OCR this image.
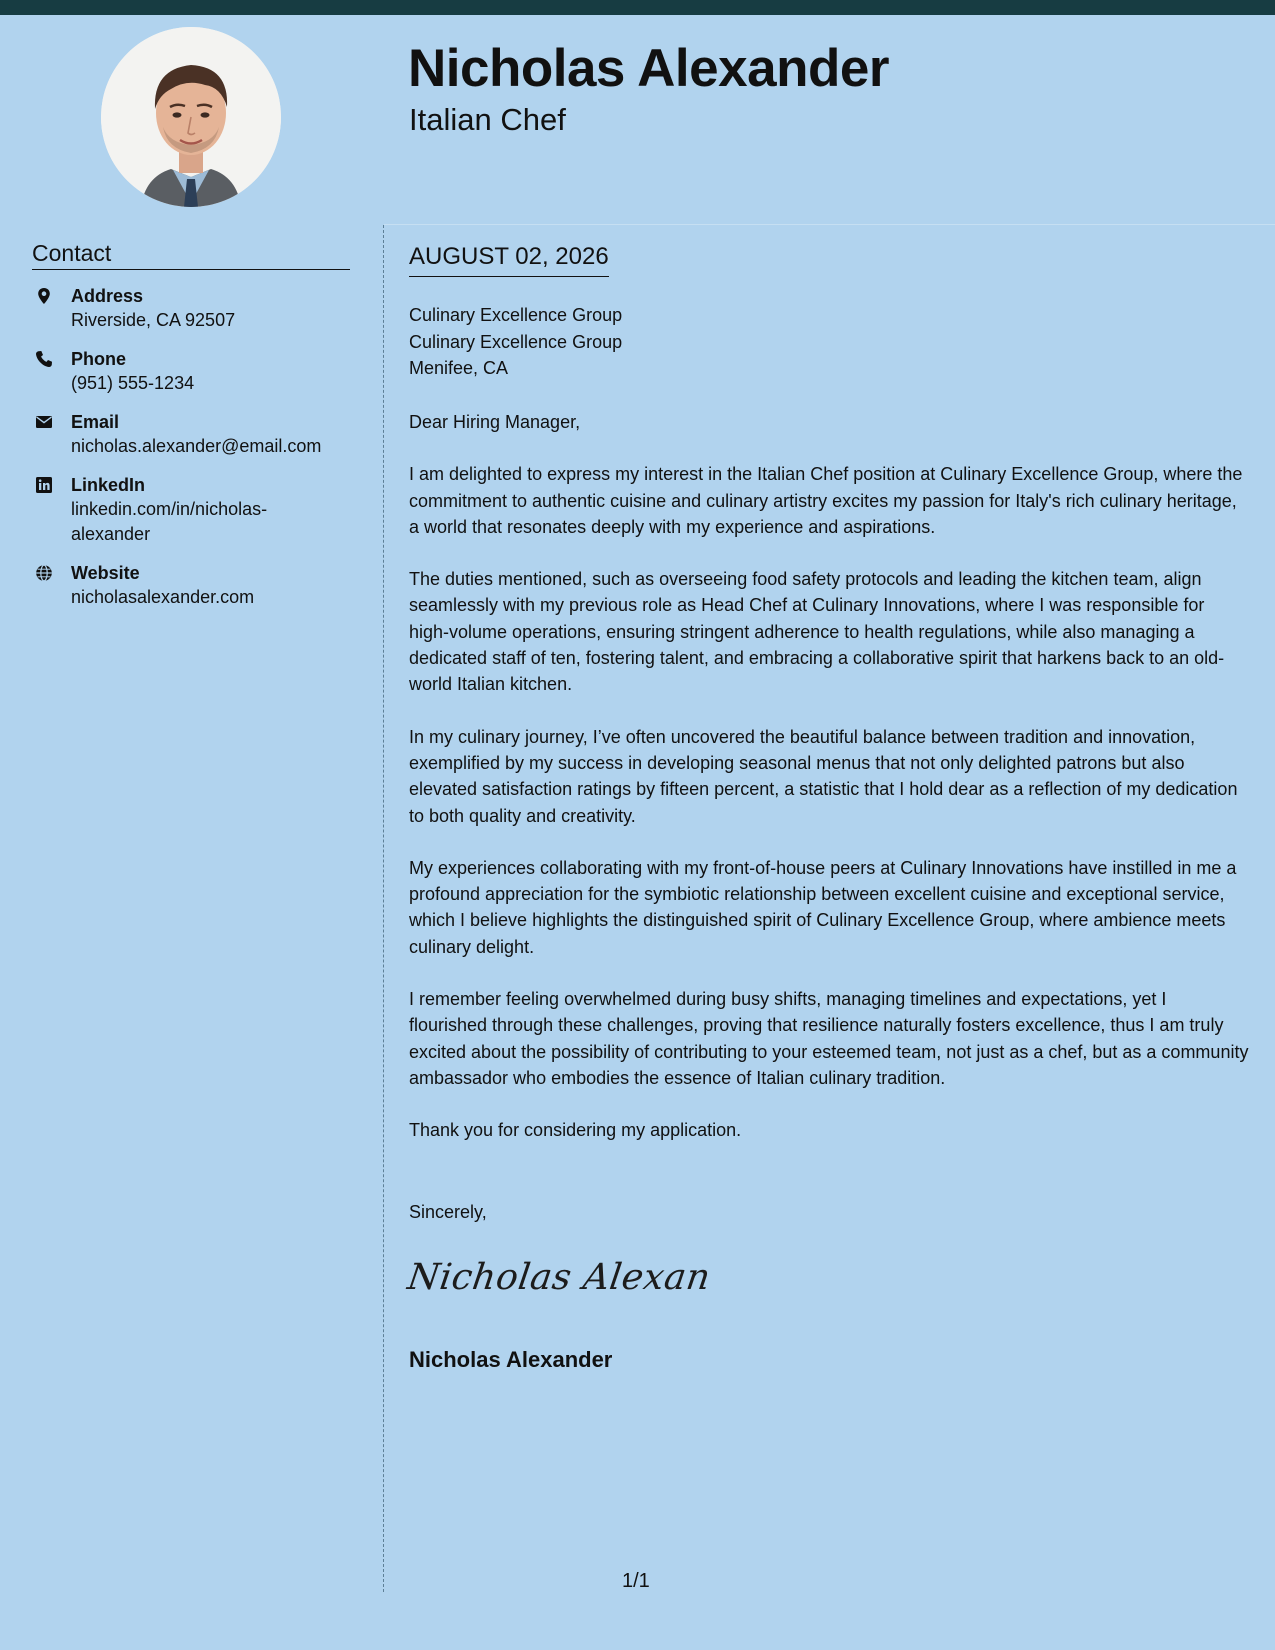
Nicholas Alexander
Italian Chef
Contact
Address
Riverside, CA 92507
Phone
(951) 555-1234
Email
nicholas.alexander@email.com
LinkedIn
linkedin.com/in/nicholas-alexander
Website
nicholasalexander.com
AUGUST 02, 2026
Culinary Excellence Group
Culinary Excellence Group
Menifee, CA

Dear Hiring Manager,

I am delighted to express my interest in the Italian Chef position at Culinary Excellence Group, where the commitment to authentic cuisine and culinary artistry excites my passion for Italy's rich culinary heritage, a world that resonates deeply with my experience and aspirations.

The duties mentioned, such as overseeing food safety protocols and leading the kitchen team, align seamlessly with my previous role as Head Chef at Culinary Innovations, where I was responsible for high-volume operations, ensuring stringent adherence to health regulations, while also managing a dedicated staff of ten, fostering talent, and embracing a collaborative spirit that harkens back to an old-world Italian kitchen.

In my culinary journey, I’ve often uncovered the beautiful balance between tradition and innovation, exemplified by my success in developing seasonal menus that not only delighted patrons but also elevated satisfaction ratings by fifteen percent, a statistic that I hold dear as a reflection of my dedication to both quality and creativity.

My experiences collaborating with my front-of-house peers at Culinary Innovations have instilled in me a profound appreciation for the symbiotic relationship between excellent cuisine and exceptional service, which I believe highlights the distinguished spirit of Culinary Excellence Group, where ambience meets culinary delight.

I remember feeling overwhelmed during busy shifts, managing timelines and expectations, yet I flourished through these challenges, proving that resilience naturally fosters excellence, thus I am truly excited about the possibility of contributing to your esteemed team, not just as a chef, but as a community ambassador who embodies the essence of Italian culinary tradition.

Thank you for considering my application.

Sincerely,
Nicholas Alexan
Nicholas Alexander
1/1
